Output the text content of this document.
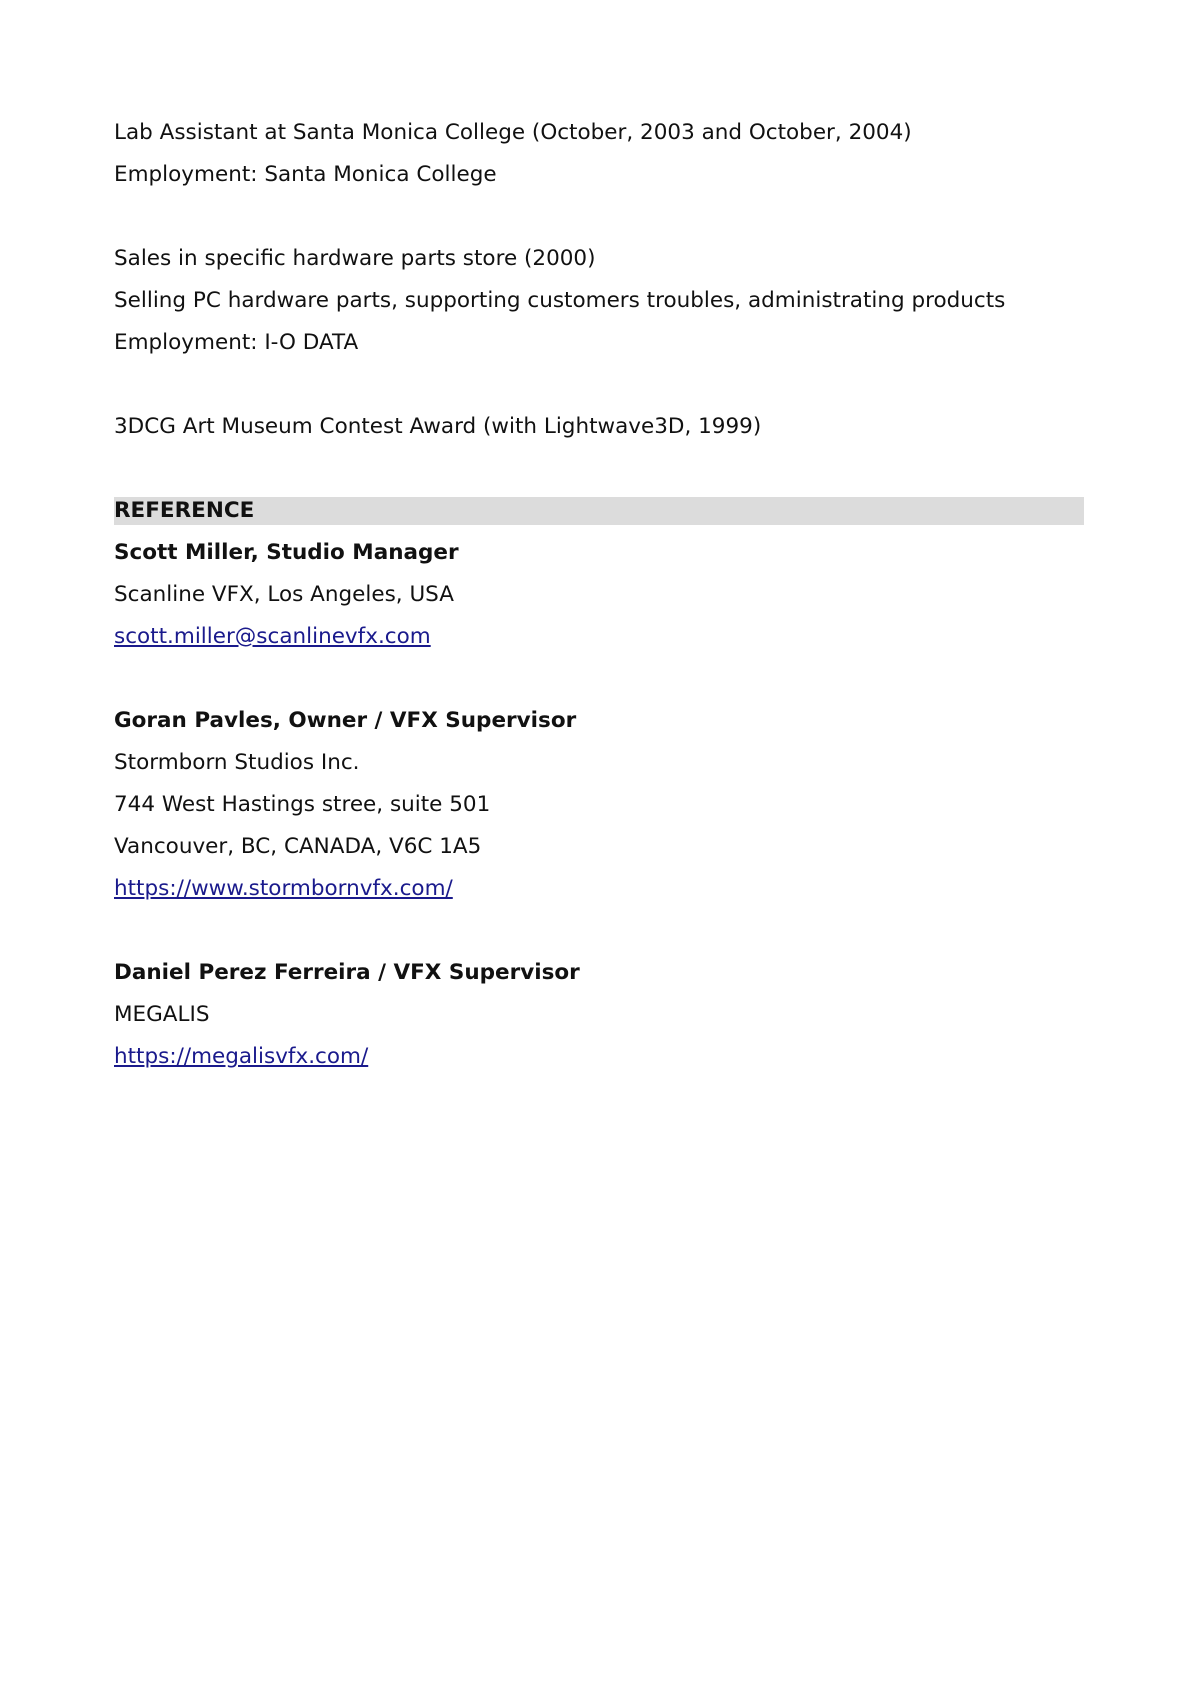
Lab Assistant at Santa Monica College (October, 2003 and October, 2004)
Employment: Santa Monica College
Sales in specific hardware parts store (2000)
Selling PC hardware parts, supporting customers troubles, administrating products
Employment: I-O DATA
3DCG Art Museum Contest Award (with Lightwave3D, 1999)
REFERENCE
Scott Miller, Studio Manager
Scanline VFX, Los Angeles, USA
scott.miller@scanlinevfx.com
Goran Pavles, Owner / VFX Supervisor
Stormborn Studios Inc.
744 West Hastings stree, suite 501
Vancouver, BC, CANADA, V6C 1A5
https://www.stormbornvfx.com/
Daniel Perez Ferreira / VFX Supervisor
MEGALIS
https://megalisvfx.com/
